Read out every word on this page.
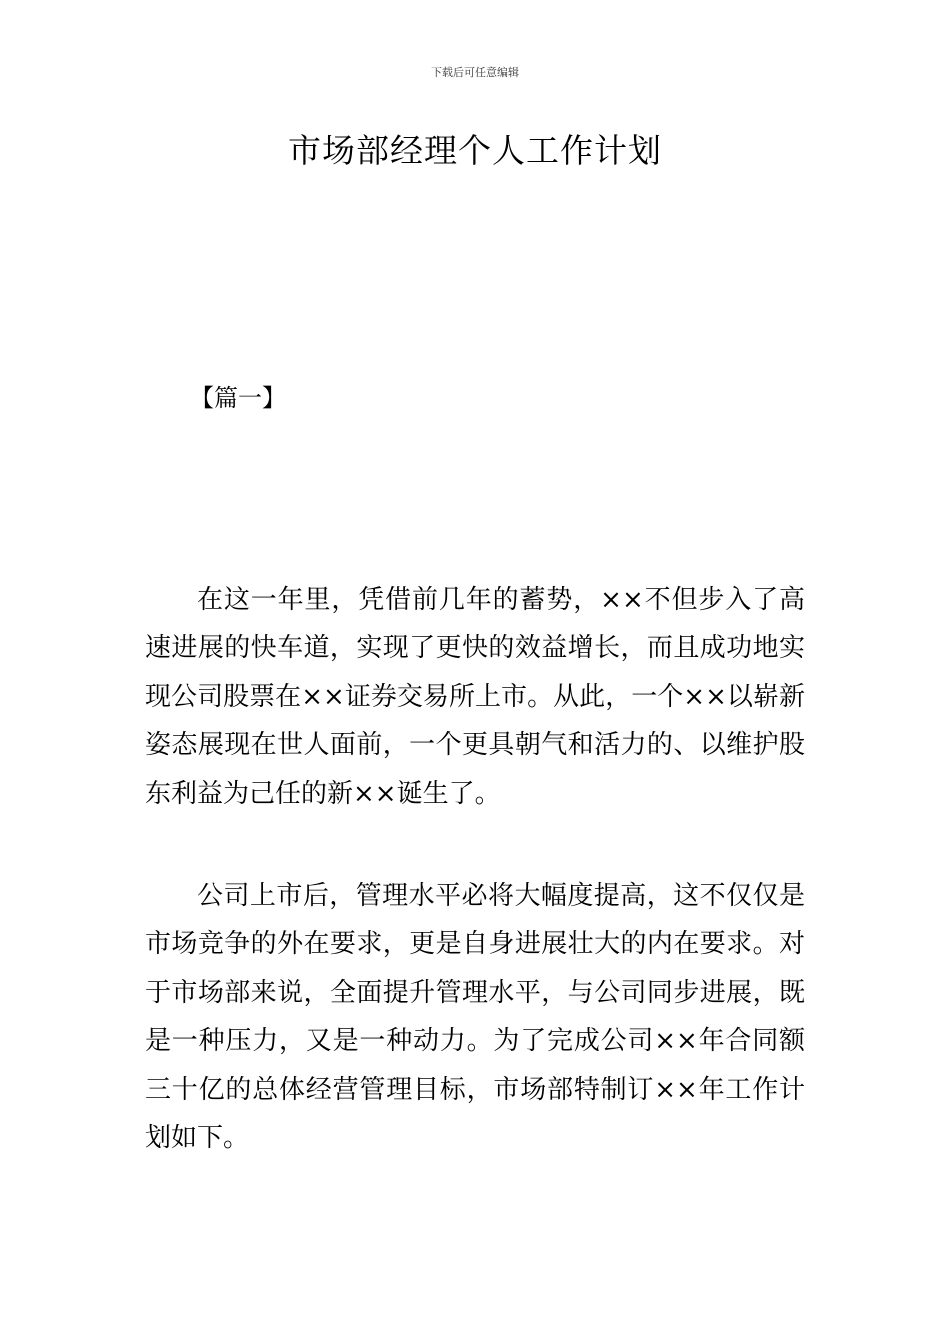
下载后可任意编辑
市场部经理个人工作计划
【篇一】

在这一年里，凭借前几年的蓄势，××不但步入了高速进展的快车道，实现了更快的效益增长，而且成功地实现公司股票在××证券交易所上市。从此，一个××以崭新姿态展现在世人面前，一个更具朝气和活力的、以维护股东利益为己任的新××诞生了。

公司上市后，管理水平必将大幅度提高，这不仅仅是市场竞争的外在要求，更是自身进展壮大的内在要求。对于市场部来说，全面提升管理水平，与公司同步进展，既是一种压力，又是一种动力。为了完成公司××年合同额三十亿的总体经营管理目标，市场部特制订××年工作计划如下。
